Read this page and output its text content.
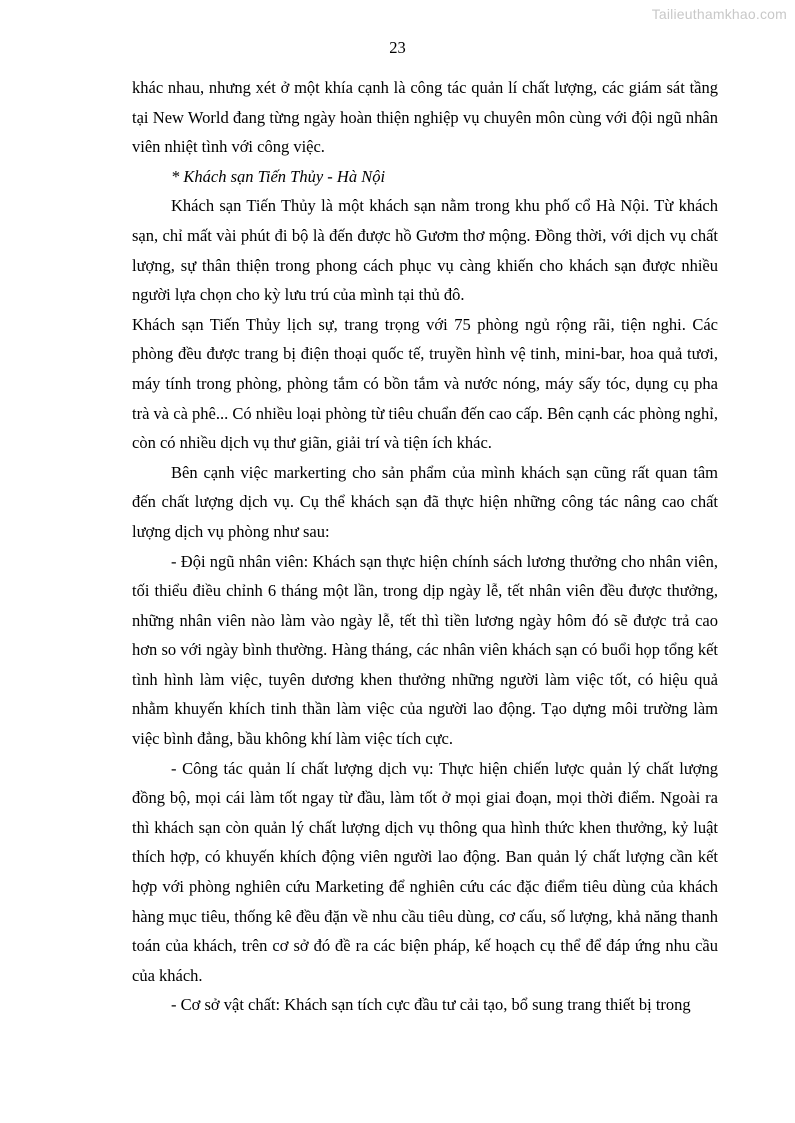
Tailieuthamkhao.com
23

khác nhau, nhưng xét ở một khía cạnh là công tác quản lí chất lượng, các giám sát tầng tại New World đang từng ngày hoàn thiện nghiệp vụ chuyên môn cùng với đội ngũ nhân viên nhiệt tình với công việc.

* Khách sạn Tiến Thủy - Hà Nội

Khách sạn Tiến Thủy là một khách sạn nằm trong khu phố cổ Hà Nội. Từ khách sạn, chỉ mất vài phút đi bộ là đến được hồ Gươm thơ mộng. Đồng thời, với dịch vụ chất lượng, sự thân thiện trong phong cách phục vụ càng khiến cho khách sạn được nhiều người lựa chọn cho kỳ lưu trú của mình tại thủ đô.

Khách sạn Tiến Thủy lịch sự, trang trọng với 75 phòng ngủ rộng rãi, tiện nghi. Các phòng đều được trang bị điện thoại quốc tế, truyền hình vệ tinh, mini-bar, hoa quả tươi, máy tính trong phòng, phòng tắm có bồn tắm và nước nóng, máy sấy tóc, dụng cụ pha trà và cà phê... Có nhiều loại phòng từ tiêu chuẩn đến cao cấp. Bên cạnh các phòng nghỉ, còn có nhiều dịch vụ thư giãn, giải trí và tiện ích khác.

Bên cạnh việc markerting cho sản phẩm của mình khách sạn cũng rất quan tâm đến chất lượng dịch vụ. Cụ thể khách sạn đã thực hiện những công tác nâng cao chất lượng dịch vụ phòng như sau:

- Đội ngũ nhân viên: Khách sạn thực hiện chính sách lương thưởng cho nhân viên, tối thiểu điều chỉnh 6 tháng một lần, trong dịp ngày lễ, tết nhân viên đều được thưởng, những nhân viên nào làm vào ngày lễ, tết thì tiền lương ngày hôm đó sẽ được trả cao hơn so với ngày bình thường. Hàng tháng, các nhân viên khách sạn có buổi họp tổng kết tình hình làm việc, tuyên dương khen thưởng những người làm việc tốt, có hiệu quả nhằm khuyến khích tinh thần làm việc của người lao động. Tạo dựng môi trường làm việc bình đẳng, bầu không khí làm việc tích cực.

- Công tác quản lí chất lượng dịch vụ: Thực hiện chiến lược quản lý chất lượng đồng bộ, mọi cái làm tốt ngay từ đầu, làm tốt ở mọi giai đoạn, mọi thời điểm. Ngoài ra thì khách sạn còn quản lý chất lượng dịch vụ thông qua hình thức khen thưởng, kỷ luật thích hợp, có khuyến khích động viên người lao động. Ban quản lý chất lượng cần kết hợp với phòng nghiên cứu Marketing để nghiên cứu các đặc điểm tiêu dùng của khách hàng mục tiêu, thống kê đều đặn về nhu cầu tiêu dùng, cơ cấu, số lượng, khả năng thanh toán của khách, trên cơ sở đó đề ra các biện pháp, kế hoạch cụ thể để đáp ứng nhu cầu của khách.

- Cơ sở vật chất: Khách sạn tích cực đầu tư cải tạo, bổ sung trang thiết bị trong
